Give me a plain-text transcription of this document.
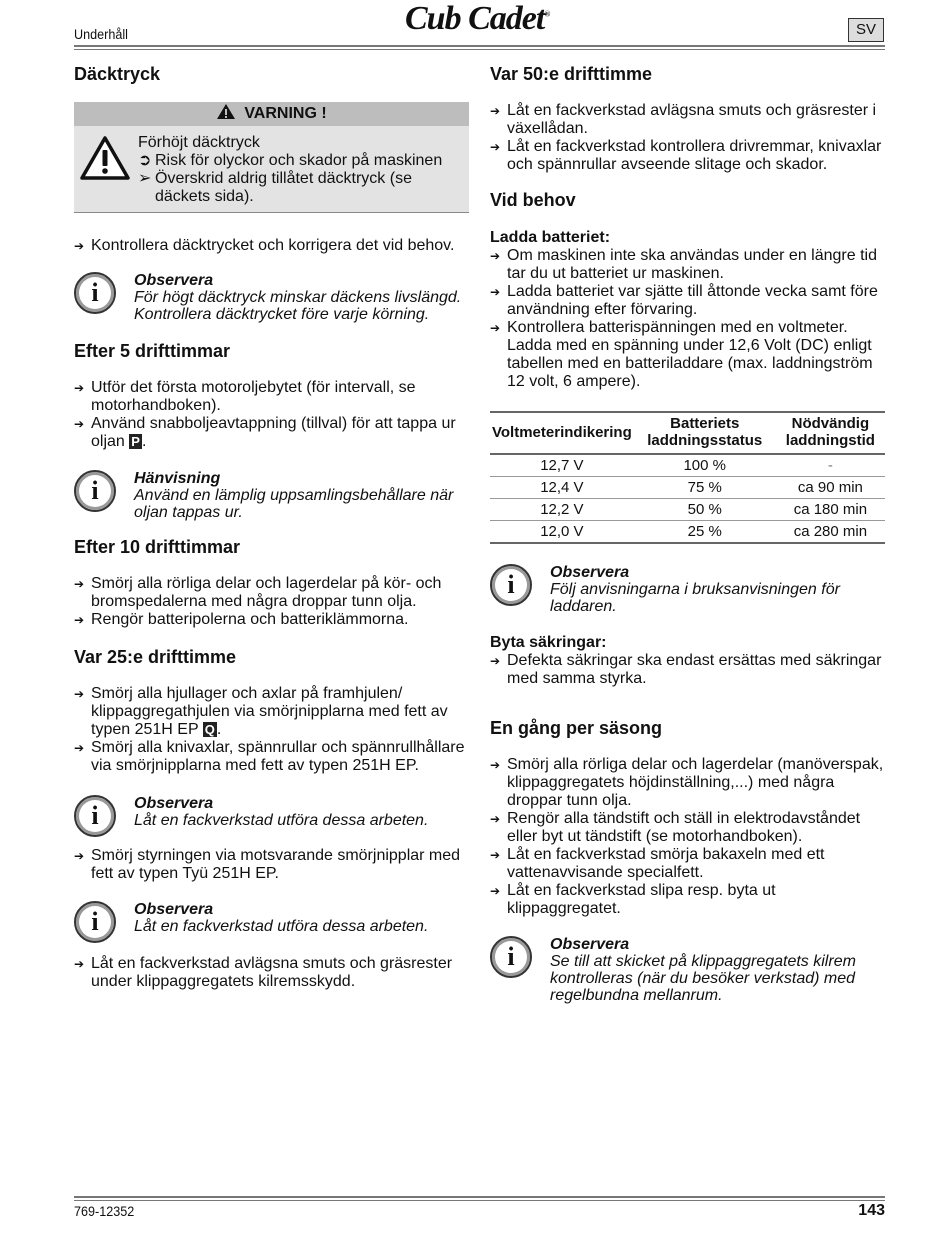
Underhåll	Cub Cadet®
SV
Däcktryck
VARNING !
Förhöjt däcktryck
➲ Risk för olyckor och skador på maskinen
➢ Överskrid aldrig tillåtet däcktryck (se däckets sida).
➔ Kontrollera däcktrycket och korrigera det vid behov.
i	Observera
För högt däcktryck minskar däckens livslängd. Kontrollera däcktrycket före varje körning.
Efter 5 drifttimmar
➔ Utför det första motoroljebytet (för intervall, se motorhandboken).
➔ Använd snabboljeavtappning (tillval) för att tappa ur oljan P .
i	Hänvisning
Använd en lämplig uppsamlingsbehållare när oljan tappas ur.
Efter 10 drifttimmar
➔ Smörj alla rörliga delar och lagerdelar på kör- och bromspedalerna med några droppar tunn olja.
➔ Rengör batteripolerna och batteriklämmorna.
Var 25:e drifttimme
➔ Smörj alla hjullager och axlar på framhjulen/ klippaggregathjulen via smörjnipplarna med fett av typen 251H EP Q .
➔ Smörj alla knivaxlar, spännrullar och spännrullhållare via smörjnipplarna med fett av typen 251H EP.
i	Observera
Låt en fackverkstad utföra dessa arbeten.
➔ Smörj styrningen via motsvarande smörjnipplar med fett av typen Tyü 251H EP.
i	Observera
Låt en fackverkstad utföra dessa arbeten.
➔ Låt en fackverkstad avlägsna smuts och gräsrester under klippaggregatets kilremsskydd.
Var 50:e drifttimme
➔ Låt en fackverkstad avlägsna smuts och gräsrester i växellådan.
➔ Låt en fackverkstad kontrollera drivremmar, knivaxlar och spännrullar avseende slitage och skador.
Vid behov
Ladda batteriet:
➔ Om maskinen inte ska användas under en längre tid tar du ut batteriet ur maskinen.
➔ Ladda batteriet var sjätte till åttonde vecka samt före användning efter förvaring.
➔ Kontrollera batterispänningen med en voltmeter. Ladda med en spänning under 12,6 Volt (DC) enligt tabellen med en batteriladdare (max. laddningström 12 volt, 6 ampere).
Voltmeterindikering	Batteriets laddningsstatus	Nödvändig laddningstid
12,7 V	100 %	-
12,4 V	75 %	ca 90 min
12,2 V	50 %	ca 180 min
12,0 V	25 %	ca 280 min
i	Observera
Följ anvisningarna i bruksanvisningen för laddaren.
Byta säkringar:
➔ Defekta säkringar ska endast ersättas med säkringar med samma styrka.
En gång per säsong
➔ Smörj alla rörliga delar och lagerdelar (manöverspak, klippaggregatets höjdinställning,...) med några droppar tunn olja.
➔ Rengör alla tändstift och ställ in elektrodavståndet eller byt ut tändstift (se motorhandboken).
➔ Låt en fackverkstad smörja bakaxeln med ett vattenavvisande specialfett.
➔ Låt en fackverkstad slipa resp. byta ut klippaggregatet.
i	Observera
Se till att skicket på klippaggregatets kilrem kontrolleras (när du besöker verkstad) med regelbundna mellanrum.
769-12352	143
